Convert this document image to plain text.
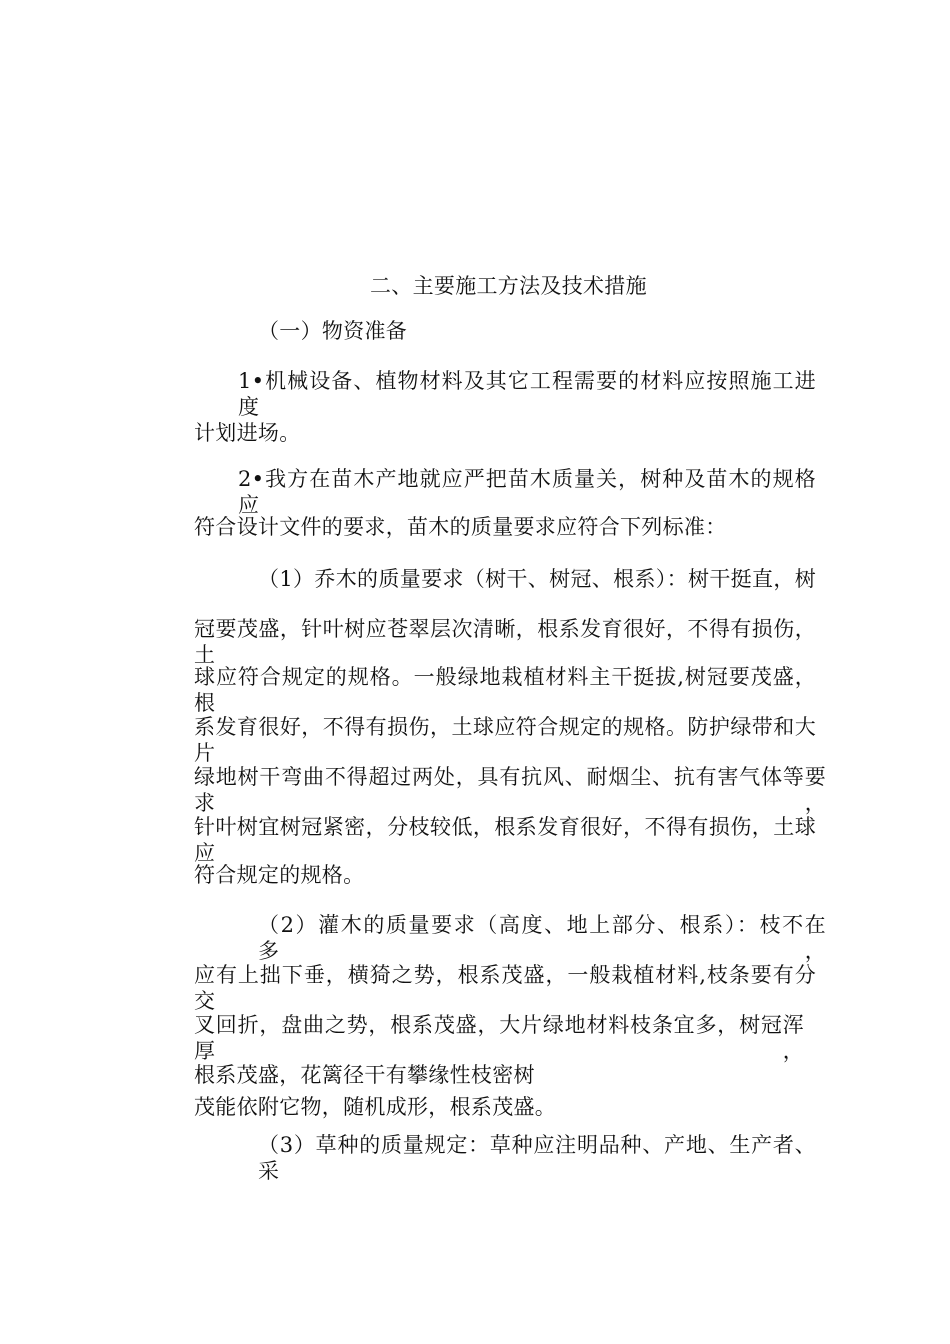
二、主要施工方法及技术措施
（一）物资准备
1•机械设备、植物材料及其它工程需要的材料应按照施工进度
计划进场。
2•我方在苗木产地就应严把苗木质量关，树种及苗木的规格应
符合设计文件的要求，苗木的质量要求应符合下列标准：
（1）乔木的质量要求（树干、树冠、根系）：树干挺直，树
冠要茂盛，针叶树应苍翠层次清晰，根系发育很好，不得有损伤，土
球应符合规定的规格。一般绿地栽植材料主干挺拔,树冠要茂盛，根
系发育很好，不得有损伤，土球应符合规定的规格。防护绿带和大片
绿地树干弯曲不得超过两处，具有抗风、耐烟尘、抗有害气体等要求，
针叶树宜树冠紧密，分枝较低，根系发育很好，不得有损伤，土球应
符合规定的规格。
（2）灌木的质量要求（高度、地上部分、根系）：枝不在多，
应有上拙下垂，横猗之势，根系茂盛，一般栽植材料,枝条要有分交
叉回折，盘曲之势，根系茂盛，大片绿地材料枝条宜多，树冠浑厚，
根系茂盛，花篱径干有攀缘性枝密树
茂能依附它物，随机成形，根系茂盛。
（3）草种的质量规定：草种应注明品种、产地、生产者、采
